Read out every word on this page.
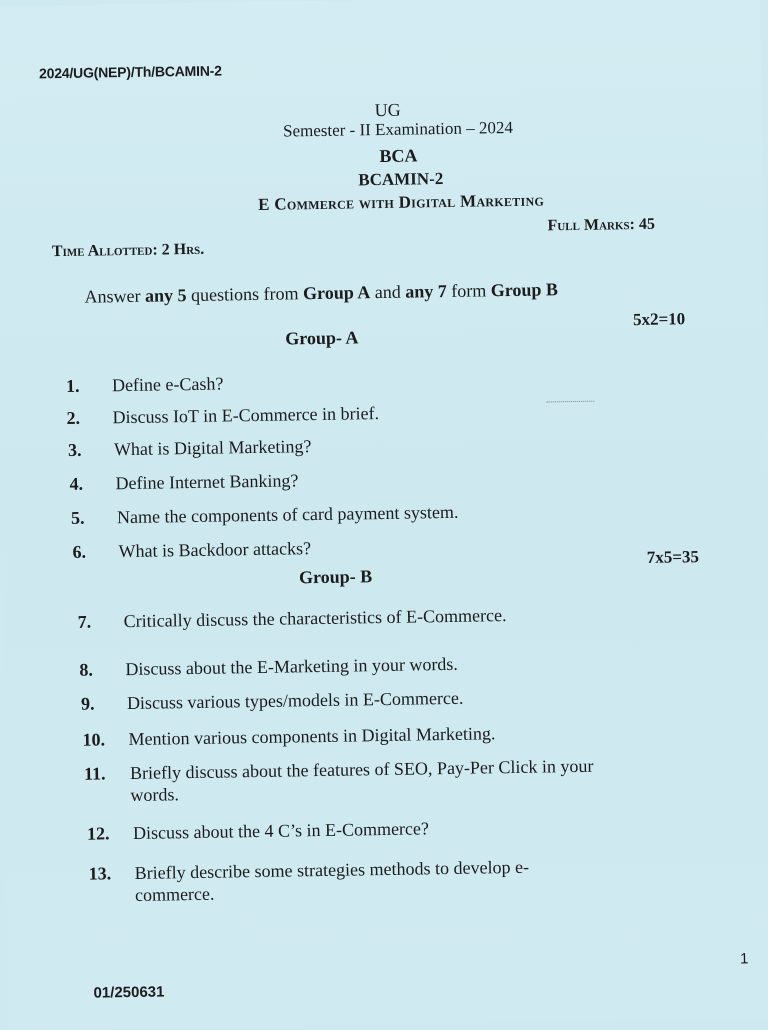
2024/UG(NEP)/Th/BCAMIN-2
UG
Semester - II Examination – 2024
BCA
BCAMIN-2
E Commerce with Digital Marketing
Full Marks: 45
Time Allotted: 2 Hrs.
Answer any 5 questions from Group A and any 7 form Group B
5x2=10
Group- A
1.	Define e-Cash?
2.	Discuss IoT in E-Commerce in brief.
3.	What is Digital Marketing?
4.	Define Internet Banking?
5.	Name the components of card payment system.
6.	What is Backdoor attacks?	7x5=35
Group- B
7.	Critically discuss the characteristics of E-Commerce.
8.	Discuss about the E-Marketing in your words.
9.	Discuss various types/models in E-Commerce.
10.	Mention various components in Digital Marketing.
11.	Briefly discuss about the features of SEO, Pay-Per Click in your words.
12.	Discuss about the 4 C’s in E-Commerce?
13.	Briefly describe some strategies methods to develop e-commerce.
1
01/250631
